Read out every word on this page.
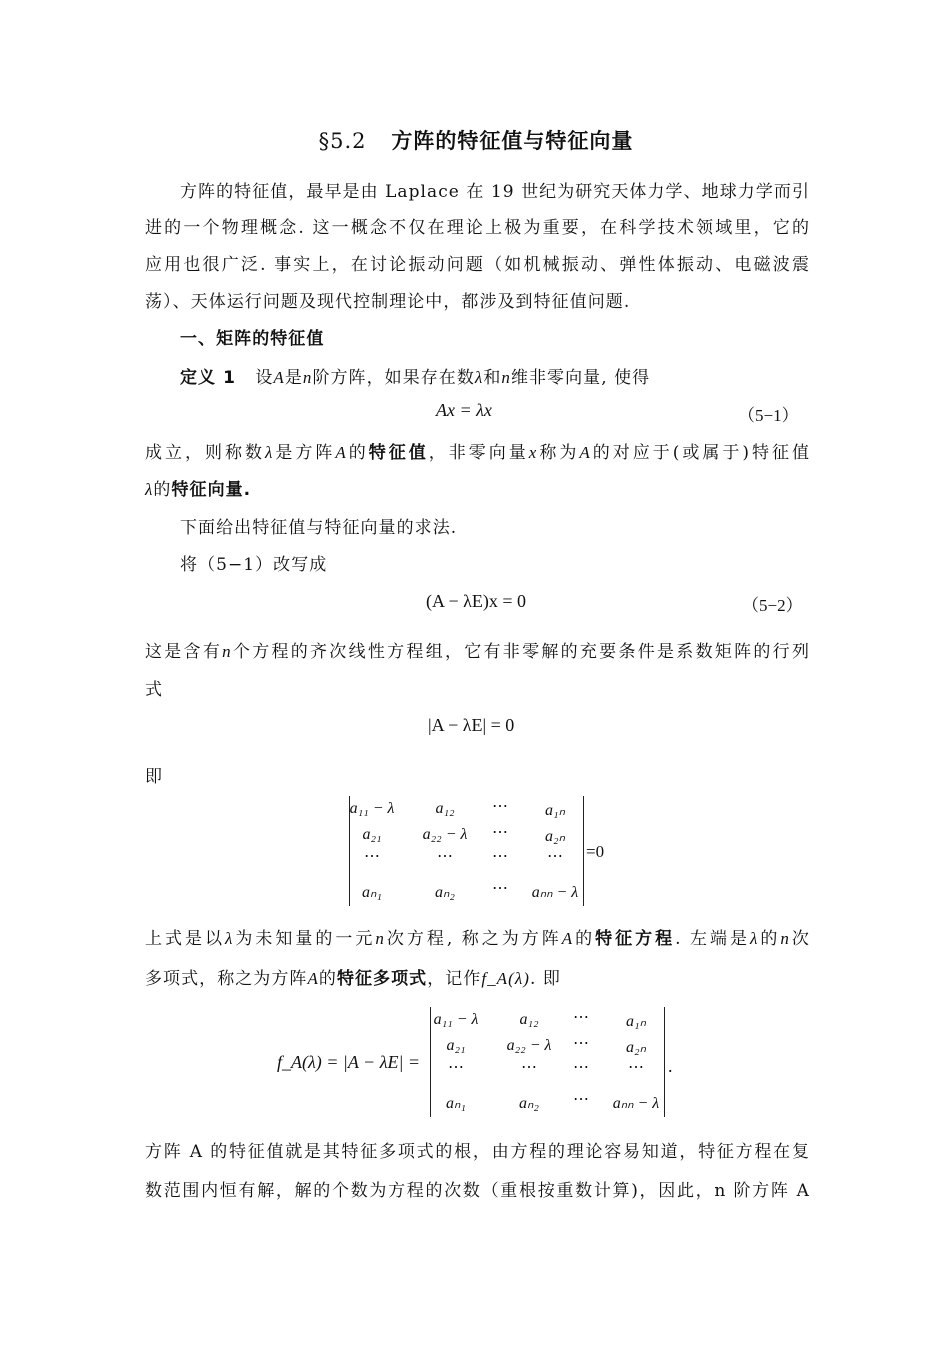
§5.2 方阵的特征值与特征向量
方阵的特征值，最早是由 Laplace 在 19 世纪为研究天体力学、地球力学而引
进的一个物理概念. 这一概念不仅在理论上极为重要，在科学技术领域里，它的
应用也很广泛. 事实上，在讨论振动问题（如机械振动、弹性体振动、电磁波震
荡）、天体运行问题及现代控制理论中，都涉及到特征值问题.
一、矩阵的特征值
定义 1 设A是n阶方阵，如果存在数λ和n维非零向量, 使得
Ax = λx	（5−1）
成立，则称数λ是方阵A的特征值，非零向量x称为A的对应于(或属于)特征值
λ的特征向量.
下面给出特征值与特征向量的求法.
将（5−1）改写成
(A − λE)x = 0	（5−2）
这是含有n个方程的齐次线性方程组，它有非零解的充要条件是系数矩阵的行列
式
|A − λE| = 0
即
a₁₁ − λ	a₁₂ ⋯ a₁ₙ
a₂₁	a₂₂ − λ ⋯ a₂ₙ
⋯	⋯ ⋯ ⋯
aₙ₁	aₙ₂ ⋯ aₙₙ − λ
=0
上式是以λ为未知量的一元n次方程, 称之为方阵A的特征方程. 左端是λ的n次
多项式，称之为方阵A的特征多项式，记作f_A(λ). 即
f_A(λ) = |A − λE| =
a₁₁ − λ	a₁₂ ⋯ a₁ₙ
a₂₁	a₂₂ − λ ⋯ a₂ₙ
⋯	⋯ ⋯ ⋯
aₙ₁	aₙ₂ ⋯ aₙₙ − λ
.
方阵 A 的特征值就是其特征多项式的根，由方程的理论容易知道，特征方程在复
数范围内恒有解，解的个数为方程的次数（重根按重数计算)，因此，n 阶方阵 A
